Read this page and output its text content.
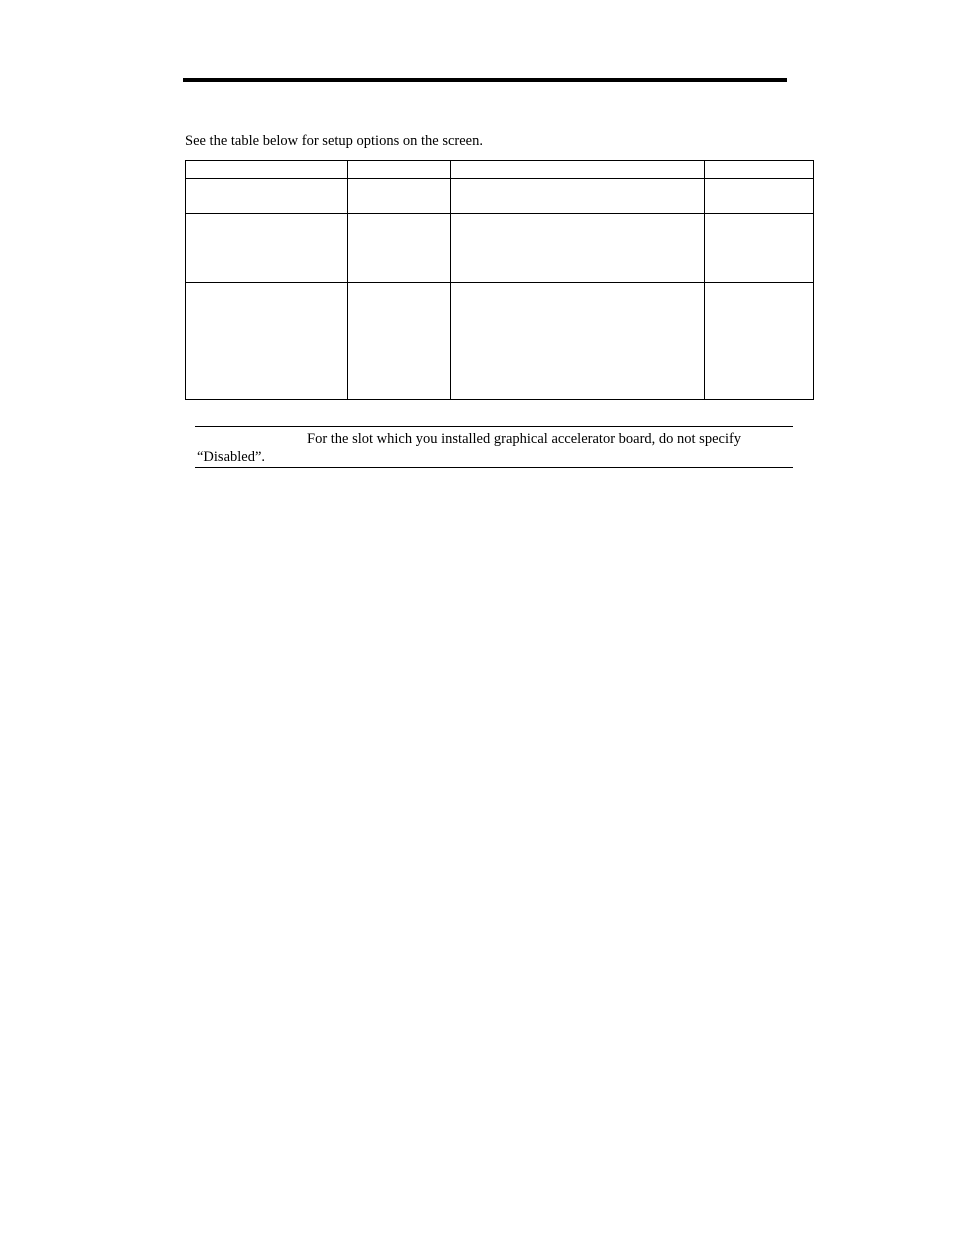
See the table below for setup options on the screen.

For the slot which you installed graphical accelerator board, do not specify
“Disabled”.
